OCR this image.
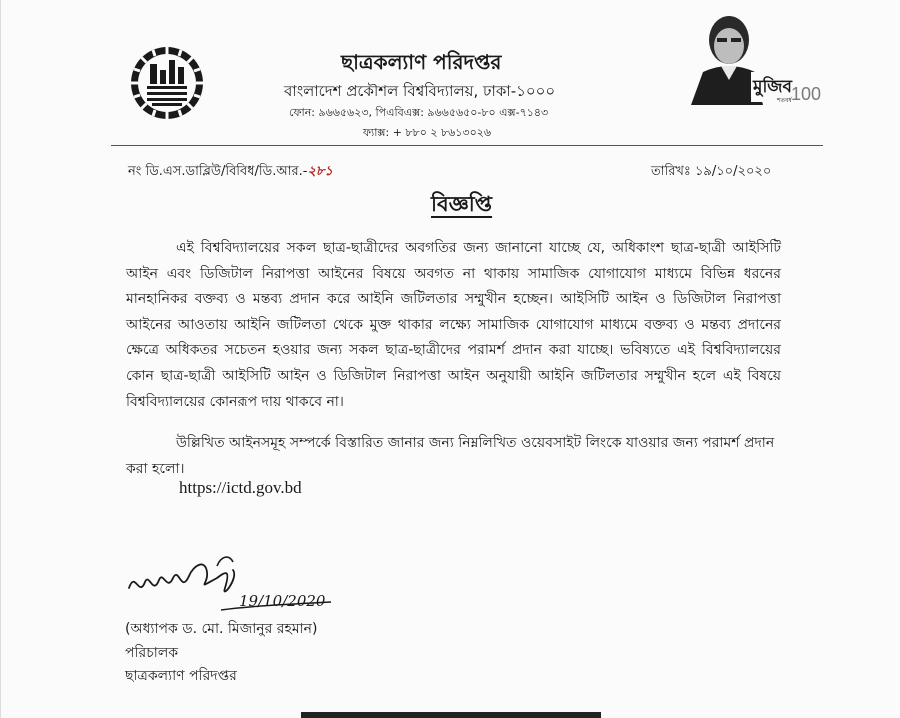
ছাত্রকল্যাণ পরিদপ্তর
বাংলাদেশ প্রকৌশল বিশ্ববিদ্যালয়, ঢাকা-১০০০
ফোন: ৯৬৬৫৬২৩, পিএবিএক্স: ৯৬৬৫৬৫০-৮০ এক্স-৭১৪৩
ফ্যাক্স: + ৮৮০ ২ ৮৬১৩০২৬
মুজিব
শতবর্ষ 100
নং ডি.এস.ডাব্লিউ/বিবিধ/ডি.আর.-২৮১	তারিখঃ ১৯/১০/২০২০
বিজ্ঞপ্তি

এই বিশ্ববিদ্যালয়ের সকল ছাত্র-ছাত্রীদের অবগতির জন্য জানানো যাচ্ছে যে, অধিকাংশ ছাত্র-ছাত্রী আইসিটি আইন এবং ডিজিটাল নিরাপত্তা আইনের বিষয়ে অবগত না থাকায় সামাজিক যোগাযোগ মাধ্যমে বিভিন্ন ধরনের মানহানিকর বক্তব্য ও মন্তব্য প্রদান করে আইনি জটিলতার সম্মুখীন হচ্ছেন। আইসিটি আইন ও ডিজিটাল নিরাপত্তা আইনের আওতায় আইনি জটিলতা থেকে মুক্ত থাকার লক্ষ্যে সামাজিক যোগাযোগ মাধ্যমে বক্তব্য ও মন্তব্য প্রদানের ক্ষেত্রে অধিকতর সচেতন হওয়ার জন্য সকল ছাত্র-ছাত্রীদের পরামর্শ প্রদান করা যাচ্ছে। ভবিষ্যতে এই বিশ্ববিদ্যালয়ের কোন ছাত্র-ছাত্রী আইসিটি আইন ও ডিজিটাল নিরাপত্তা আইন অনুযায়ী আইনি জটিলতার সম্মুখীন হলে এই বিষয়ে বিশ্ববিদ্যালয়ের কোনরূপ দায় থাকবে না।

উল্লিখিত আইনসমূহ সম্পর্কে বিস্তারিত জানার জন্য নিম্নলিখিত ওয়েবসাইট লিংকে যাওয়ার জন্য পরামর্শ প্রদান করা হলো।

https://ictd.gov.bd
19/10/2020
(অধ্যাপক ড. মো. মিজানুর রহমান)
পরিচালক
ছাত্রকল্যাণ পরিদপ্তর
